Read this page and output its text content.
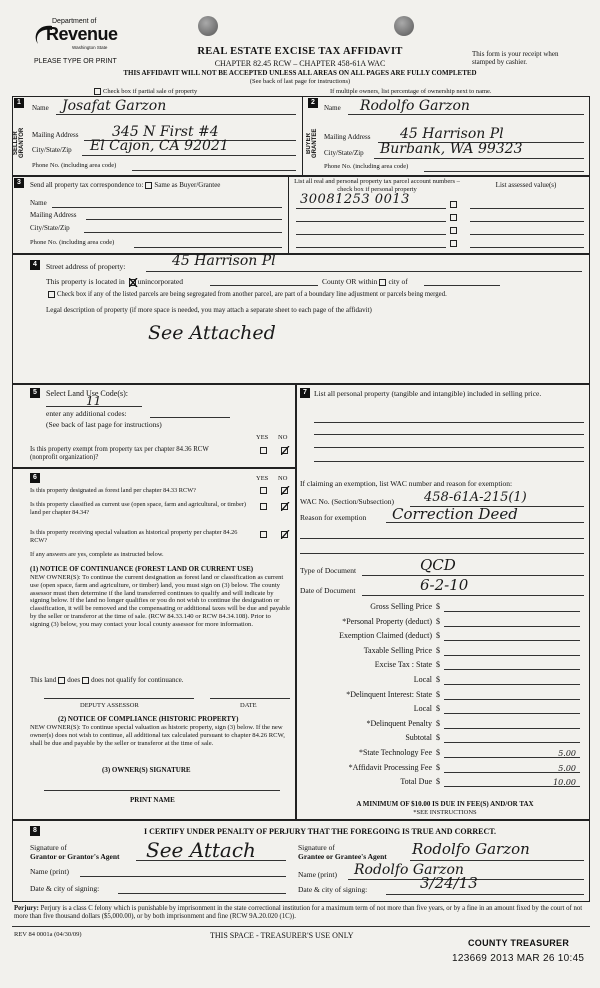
Department of
Revenue
Washington State
PLEASE TYPE OR PRINT
REAL ESTATE EXCISE TAX AFFIDAVIT
CHAPTER 82.45 RCW – CHAPTER 458-61A WAC
THIS AFFIDAVIT WILL NOT BE ACCEPTED UNLESS ALL AREAS ON ALL PAGES ARE FULLY COMPLETED
(See back of last page for instructions)
This form is your receipt when stamped by cashier.
Check box if partial sale of property	If multiple owners, list percentage of ownership next to name.
1	2
SELLER GRANTOR	BUYER GRANTEE
Name Josafat Garzon
Mailing Address 345 N First #4
City/State/Zip El Cajon, CA 92021
Phone No. (including area code)
Name Rodolfo Garzon
Mailing Address 45 Harrison Pl
City/State/Zip Burbank, WA 99323
Phone No. (including area code)
3	Send all property tax correspondence to: Same as Buyer/Grantee
Name
Mailing Address
City/State/Zip
Phone No. (including area code)
List all real and personal property tax parcel account numbers – check box if personal property	List assessed value(s)
30081253 0013
4	Street address of property:	45 Harrison Pl
This property is located in unincorporated	County OR within city of
Check box if any of the listed parcels are being segregated from another parcel, are part of a boundary line adjustment or parcels being merged.
Legal description of property (if more space is needed, you may attach a separate sheet to each page of the affidavit)
See Attached
5	Select Land Use Code(s):
11
enter any additional codes:
(See back of last page for instructions)
YES NO
Is this property exempt from property tax per chapter 84.36 RCW (nonprofit organization)?
6	YES NO
Is this property designated as forest land per chapter 84.33 RCW?
Is this property classified as current use (open space, farm and agricultural, or timber) land per chapter 84.34?
Is this property receiving special valuation as historical property per chapter 84.26 RCW?
If any answers are yes, complete as instructed below.
(1) NOTICE OF CONTINUANCE (FOREST LAND OR CURRENT USE)
NEW OWNER(S): To continue the current designation as forest land or classification as current use (open space, farm and agriculture, or timber) land, you must sign on (3) below. The county assessor must then determine if the land transferred continues to qualify and will indicate by signing below. If the land no longer qualifies or you do not wish to continue the designation or classification, it will be removed and the compensating or additional taxes will be due and payable by the seller or transferor at the time of sale. (RCW 84.33.140 or RCW 84.34.108). Prior to signing (3) below, you may contact your local county assessor for more information.
This land does does not qualify for continuance.
DEPUTY ASSESSOR	DATE
(2) NOTICE OF COMPLIANCE (HISTORIC PROPERTY)
NEW OWNER(S): To continue special valuation as historic property, sign (3) below. If the new owner(s) does not wish to continue, all additional tax calculated pursuant to chapter 84.26 RCW, shall be due and payable by the seller or transferor at the time of sale.
(3) OWNER(S) SIGNATURE
PRINT NAME
7 List all personal property (tangible and intangible) included in selling price.
If claiming an exemption, list WAC number and reason for exemption:
WAC No. (Section/Subsection) 458-61A-215(1)
Reason for exemption Correction Deed
Type of Document	QCD
Date of Document	6-2-10
Gross Selling Price $
*Personal Property (deduct) $
Exemption Claimed (deduct) $
Taxable Selling Price $
Excise Tax : State $
Local $
*Delinquent Interest: State $
Local $
*Delinquent Penalty $
Subtotal $
*State Technology Fee $	5.00
*Affidavit Processing Fee $	5.00
Total Due $	10.00
A MINIMUM OF $10.00 IS DUE IN FEE(S) AND/OR TAX
*SEE INSTRUCTIONS
8	I CERTIFY UNDER PENALTY OF PERJURY THAT THE FOREGOING IS TRUE AND CORRECT.
Signature of
Grantor or Grantor's Agent See Attach
Name (print)
Date & city of signing:
Signature of
Grantee or Grantee's Agent Rodolfo Garzon
Name (print) Rodolfo Garzon
Date & city of signing:	3/24/13
Perjury: Perjury is a class C felony which is punishable by imprisonment in the state correctional institution for a maximum term of not more than five years, or by a fine in an amount fixed by the court of not more than five thousand dollars ($5,000.00), or by both imprisonment and fine (RCW 9A.20.020 (1C)).
REV 84 0001a (04/30/09)	THIS SPACE - TREASURER'S USE ONLY
COUNTY TREASURER
123669 2013 MAR 26 10:45
